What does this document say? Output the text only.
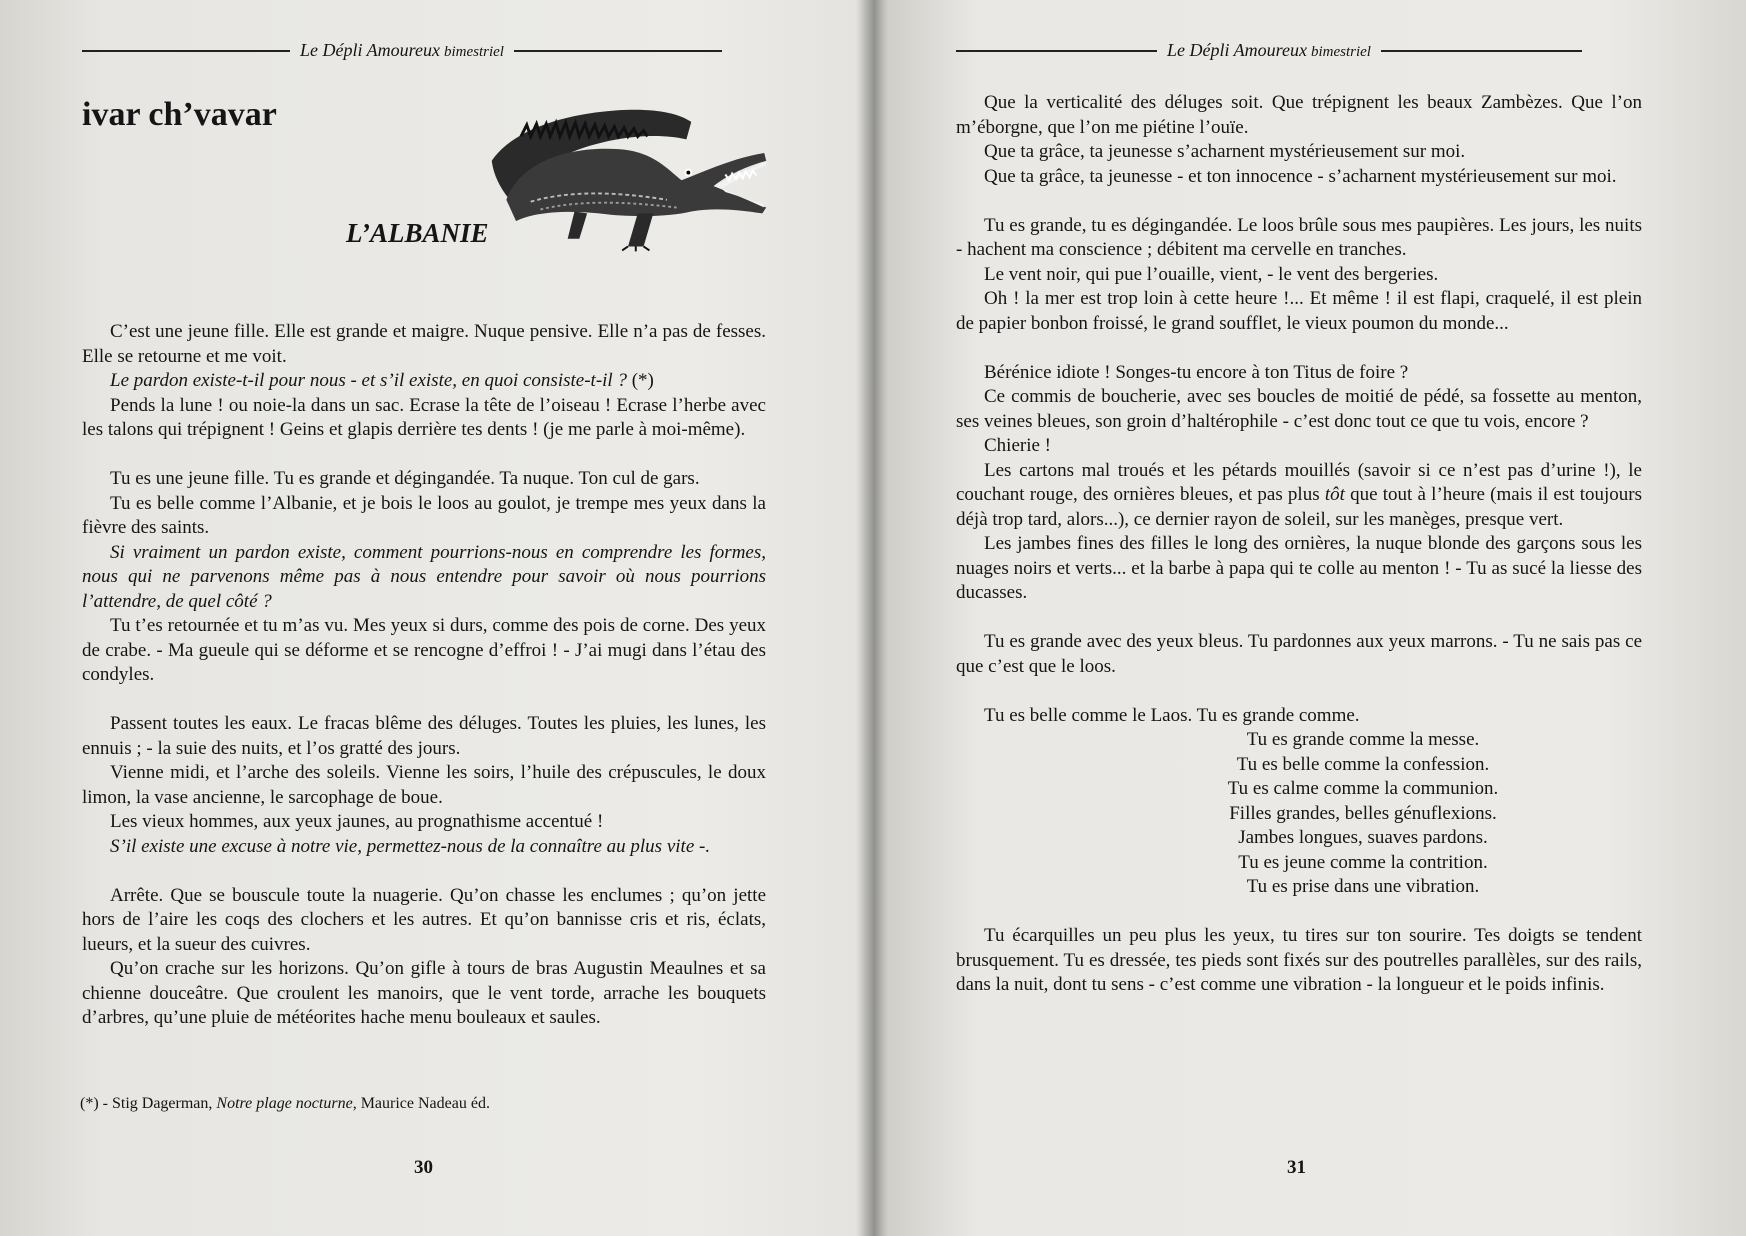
Le Dépli Amoureux bimestriel
ivar ch’vavar
L’ALBANIE

C’est une jeune fille. Elle est grande et maigre. Nuque pensive. Elle n’a pas de fesses. Elle se retourne et me voit.

Le pardon existe-t-il pour nous - et s’il existe, en quoi consiste-t-il ? (*)

Pends la lune ! ou noie-la dans un sac. Ecrase la tête de l’oiseau ! Ecrase l’herbe avec les talons qui trépignent ! Geins et glapis derrière tes dents ! (je me parle à moi-même).

Tu es une jeune fille. Tu es grande et dégingandée. Ta nuque. Ton cul de gars.

Tu es belle comme l’Albanie, et je bois le loos au goulot, je trempe mes yeux dans la fièvre des saints.

Si vraiment un pardon existe, comment pourrions-nous en comprendre les formes, nous qui ne parvenons même pas à nous entendre pour savoir où nous pourrions l’attendre, de quel côté ?

Tu t’es retournée et tu m’as vu. Mes yeux si durs, comme des pois de corne. Des yeux de crabe. - Ma gueule qui se déforme et se rencogne d’effroi ! - J’ai mugi dans l’étau des condyles.

Passent toutes les eaux. Le fracas blême des déluges. Toutes les pluies, les lunes, les ennuis ; - la suie des nuits, et l’os gratté des jours.

Vienne midi, et l’arche des soleils. Vienne les soirs, l’huile des crépuscules, le doux limon, la vase ancienne, le sarcophage de boue.

Les vieux hommes, aux yeux jaunes, au prognathisme accentué !

S’il existe une excuse à notre vie, permettez-nous de la connaître au plus vite -.

Arrête. Que se bouscule toute la nuagerie. Qu’on chasse les enclumes ; qu’on jette hors de l’aire les coqs des clochers et les autres. Et qu’on bannisse cris et ris, éclats, lueurs, et la sueur des cuivres.

Qu’on crache sur les horizons. Qu’on gifle à tours de bras Augustin Meaulnes et sa chienne douceâtre. Que croulent les manoirs, que le vent torde, arrache les bouquets d’arbres, qu’une pluie de météorites hache menu bouleaux et saules.

(*) - Stig Dagerman, Notre plage nocturne, Maurice Nadeau éd.
30
Le Dépli Amoureux bimestriel

Que la verticalité des déluges soit. Que trépignent les beaux Zambèzes. Que l’on m’éborgne, que l’on me piétine l’ouïe.

Que ta grâce, ta jeunesse s’acharnent mystérieusement sur moi.

Que ta grâce, ta jeunesse - et ton innocence - s’acharnent mystérieusement sur moi.

Tu es grande, tu es dégingandée. Le loos brûle sous mes paupières. Les jours, les nuits - hachent ma conscience ; débitent ma cervelle en tranches.

Le vent noir, qui pue l’ouaille, vient, - le vent des bergeries.

Oh ! la mer est trop loin à cette heure !... Et même ! il est flapi, craquelé, il est plein de papier bonbon froissé, le grand soufflet, le vieux poumon du monde...

Bérénice idiote ! Songes-tu encore à ton Titus de foire ?

Ce commis de boucherie, avec ses boucles de moitié de pédé, sa fossette au menton, ses veines bleues, son groin d’haltérophile - c’est donc tout ce que tu vois, encore ?

Chierie !

Les cartons mal troués et les pétards mouillés (savoir si ce n’est pas d’urine !), le couchant rouge, des ornières bleues, et pas plus tôt que tout à l’heure (mais il est toujours déjà trop tard, alors...), ce dernier rayon de soleil, sur les manèges, presque vert.

Les jambes fines des filles le long des ornières, la nuque blonde des garçons sous les nuages noirs et verts... et la barbe à papa qui te colle au menton ! - Tu as sucé la liesse des ducasses.

Tu es grande avec des yeux bleus. Tu pardonnes aux yeux marrons. - Tu ne sais pas ce que c’est que le loos.

Tu es belle comme le Laos. Tu es grande comme.

Tu es grande comme la messe.

Tu es belle comme la confession.

Tu es calme comme la communion.

Filles grandes, belles génuflexions.

Jambes longues, suaves pardons.

Tu es jeune comme la contrition.

Tu es prise dans une vibration.

Tu écarquilles un peu plus les yeux, tu tires sur ton sourire. Tes doigts se tendent brusquement. Tu es dressée, tes pieds sont fixés sur des poutrelles parallèles, sur des rails, dans la nuit, dont tu sens - c’est comme une vibration - la longueur et le poids infinis.

31
